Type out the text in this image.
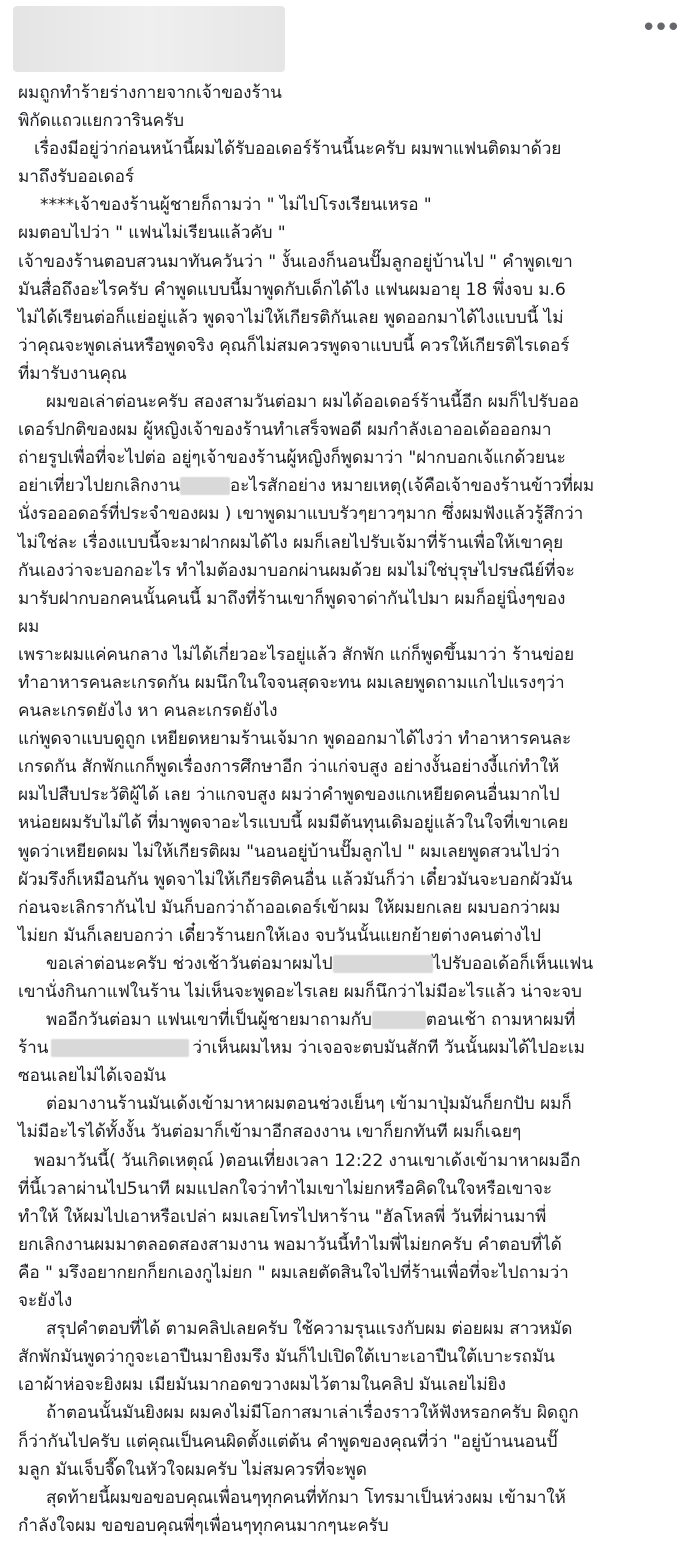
•••
ผมถูกทำร้ายร่างกายจากเจ้าของร้าน
พิกัดแถวแยกวารินครับ
เรื่องมีอยู่ว่าก่อนหน้านี้ผมได้รับออเดอร์ร้านนี้นะครับ ผมพาแฟนติดมาด้วย
มาถึงรับออเดอร์
****เจ้าของร้านผู้ชายก็ถามว่า " ไม่ไปโรงเรียนเหรอ "
ผมตอบไปว่า " แฟนไม่เรียนแล้วคับ "
เจ้าของร้านตอบสวนมาทันควันว่า " งั้นเองก็นอนปั๊มลูกอยู่บ้านไป " คำพูดเขา
มันสื่อถึงอะไรครับ คำพูดแบบนี้มาพูดกับเด็กได้ไง แฟนผมอายุ 18 พึ่งจบ ม.6
ไม่ได้เรียนต่อก็แย่อยู่แล้ว พูดจาไม่ให้เกียรติกันเลย พูดออกมาได้ไงแบบนี้ ไม่
ว่าคุณจะพูดเล่นหรือพูดจริง คุณก็ไม่สมควรพูดจาแบบนี้ ควรให้เกียรติไรเดอร์
ที่มารับงานคุณ
ผมขอเล่าต่อนะครับ สองสามวันต่อมา ผมได้ออเดอร์ร้านนี้อีก ผมก็ไปรับออ
เดอร์ปกติของผม ผู้หญิงเจ้าของร้านทำเสร็จพอดี ผมกำลังเอาออเด้อออกมา
ถ่ายรูปเพื่อที่จะไปต่อ อยู่ๆเจ้าของร้านผู้หญิงก็พูดมาว่า "ฝากบอกเจ้แกด้วยนะ
อย่าเที่ยวไปยกเลิกงาน	อะไรสักอย่าง หมายเหตุ(เจ้คือเจ้าของร้านข้าวที่ผม
นั่งรอออดอร์ที่ประจำของผม ) เขาพูดมาแบบรัวๆยาวๆมาก ซึ่งผมฟังแล้วรู้สึกว่า
ไม่ใช่ละ เรื่องแบบนี้จะมาฝากผมได้ไง ผมก็เลยไปรับเจ้มาที่ร้านเพื่อให้เขาคุย
กันเองว่าจะบอกอะไร ทำไมต้องมาบอกผ่านผมด้วย ผมไม่ใช่บุรุษไปรษณีย์ที่จะ
มารับฝากบอกคนนั้นคนนี้ มาถึงที่ร้านเขาก็พูดจาด่ากันไปมา ผมก็อยู่นิ่งๆของ
ผม
เพราะผมแค่คนกลาง ไม่ได้เกี่ยวอะไรอยู่แล้ว สักพัก แก่ก็พูดขึ้นมาว่า ร้านข่อย
ทำอาหารคนละเกรดกัน ผมนึกในใจจนสุดจะทน ผมเลยพูดถามแกไปแรงๆว่า
คนละเกรดยังไง หา คนละเกรดยังไง
แก่พูดจาแบบดูถูก เหยียดหยามร้านเจ้มาก พูดออกมาได้ไงว่า ทำอาหารคนละ
เกรดกัน สักพักแกก็พูดเรื่องการศึกษาอีก ว่าแก่จบสูง อย่างงั้นอย่างงี้แก่ทำให้
ผมไปสืบประวัติผู้ได้ เลย ว่าแกจบสูง ผมว่าคำพูดของแกเหยียดคนอื่นมากไป
หน่อยผมรับไม่ได้ ที่มาพูดจาอะไรแบบนี้ ผมมีต้นทุนเดิมอยู่แล้วในใจที่เขาเคย
พูดว่าเหยียดผม ไม่ให้เกียรติผม "นอนอยู่บ้านปั๊มลูกไป " ผมเลยพูดสวนไปว่า
ผัวมรึงก็เหมือนกัน พูดจาไม่ให้เกียรติคนอื่น แล้วมันก็ว่า เดี๋ยวมันจะบอกผัวมัน
ก่อนจะเลิกรากันไป มันก็บอกว่าถ้าออเดอร์เข้าผม ให้ผมยกเลย ผมบอกว่าผม
ไม่ยก มันก็เลยบอกว่า เดี๋ยวร้านยกให้เอง จบวันนั้นแยกย้ายต่างคนต่างไป
ขอเล่าต่อนะครับ ช่วงเช้าวันต่อมาผมไป	ไปรับออเด้อก็เห็นแฟน
เขานั่งกินกาแฟในร้าน ไม่เห็นจะพูดอะไรเลย ผมก็นึกว่าไม่มีอะไรแล้ว น่าจะจบ
พออีกวันต่อมา แฟนเขาที่เป็นผู้ชายมาถามกับ	ตอนเช้า ถามหาผมที่
ร้าน	ว่าเห็นผมไหม ว่าเจอจะตบมันสักที วันนั้นผมได้ไปอะเม
ซอนเลยไม่ได้เจอมัน
ต่อมางานร้านมันเด้งเข้ามาหาผมตอนช่วงเย็นๆ เข้ามาปุ่มมันก็ยกปับ ผมก็
ไม่มีอะไรได้ทั้งงั้น วันต่อมาก็เข้ามาอีกสองงาน เขาก็ยกทันที ผมก็เฉยๆ
พอมาวันนี้( วันเกิดเหตุณ์ )ตอนเที่ยงเวลา 12:22 งานเขาเด้งเข้ามาหาผมอีก
ที่นี้เวลาผ่านไป5นาที ผมแปลกใจว่าทำไมเขาไม่ยกหรือคิดในใจหรือเขาจะ
ทำให้ ให้ผมไปเอาหรือเปล่า ผมเลยโทรไปหาร้าน "ฮัลโหลพี่ วันที่ผ่านมาพี่
ยกเลิกงานผมมาตลอดสองสามงาน พอมาวันนี้ทำไมพี่ไม่ยกครับ คำตอบที่ได้
คือ " มรึงอยากยกก็ยกเองกูไม่ยก " ผมเลยตัดสินใจไปที่ร้านเพื่อที่จะไปถามว่า
จะยังไง
สรุปคำตอบที่ได้ ตามคลิปเลยครับ ใช้ความรุนแรงกับผม ต่อยผม สาวหมัด
สักพักมันพูดว่ากูจะเอาปืนมายิงมรึง มันก็ไปเปิดใต้เบาะเอาปืนใต้เบาะรถมัน
เอาผ้าห่อจะยิงผม เมียมันมากอดขวางผมไว้ตามในคลิป มันเลยไม่ยิง
ถ้าตอนนั้นมันยิงผม ผมคงไม่มีโอกาสมาเล่าเรื่องราวให้ฟังหรอกครับ ผิดถูก
ก็ว่ากันไปครับ แต่คุณเป็นคนผิดตั้งแต่ต้น คำพูดของคุณที่ว่า "อยู่บ้านนอนปั๊
มลูก มันเจ็บจี๊ดในหัวใจผมครับ ไม่สมควรที่จะพูด
สุดท้ายนี้ผมขอขอบคุณเพื่อนๆทุกคนที่ทักมา โทรมาเป็นห่วงผม เข้ามาให้
กำลังใจผม ขอขอบคุณพี่ๆเพื่อนๆทุกคนมากๆนะครับ
